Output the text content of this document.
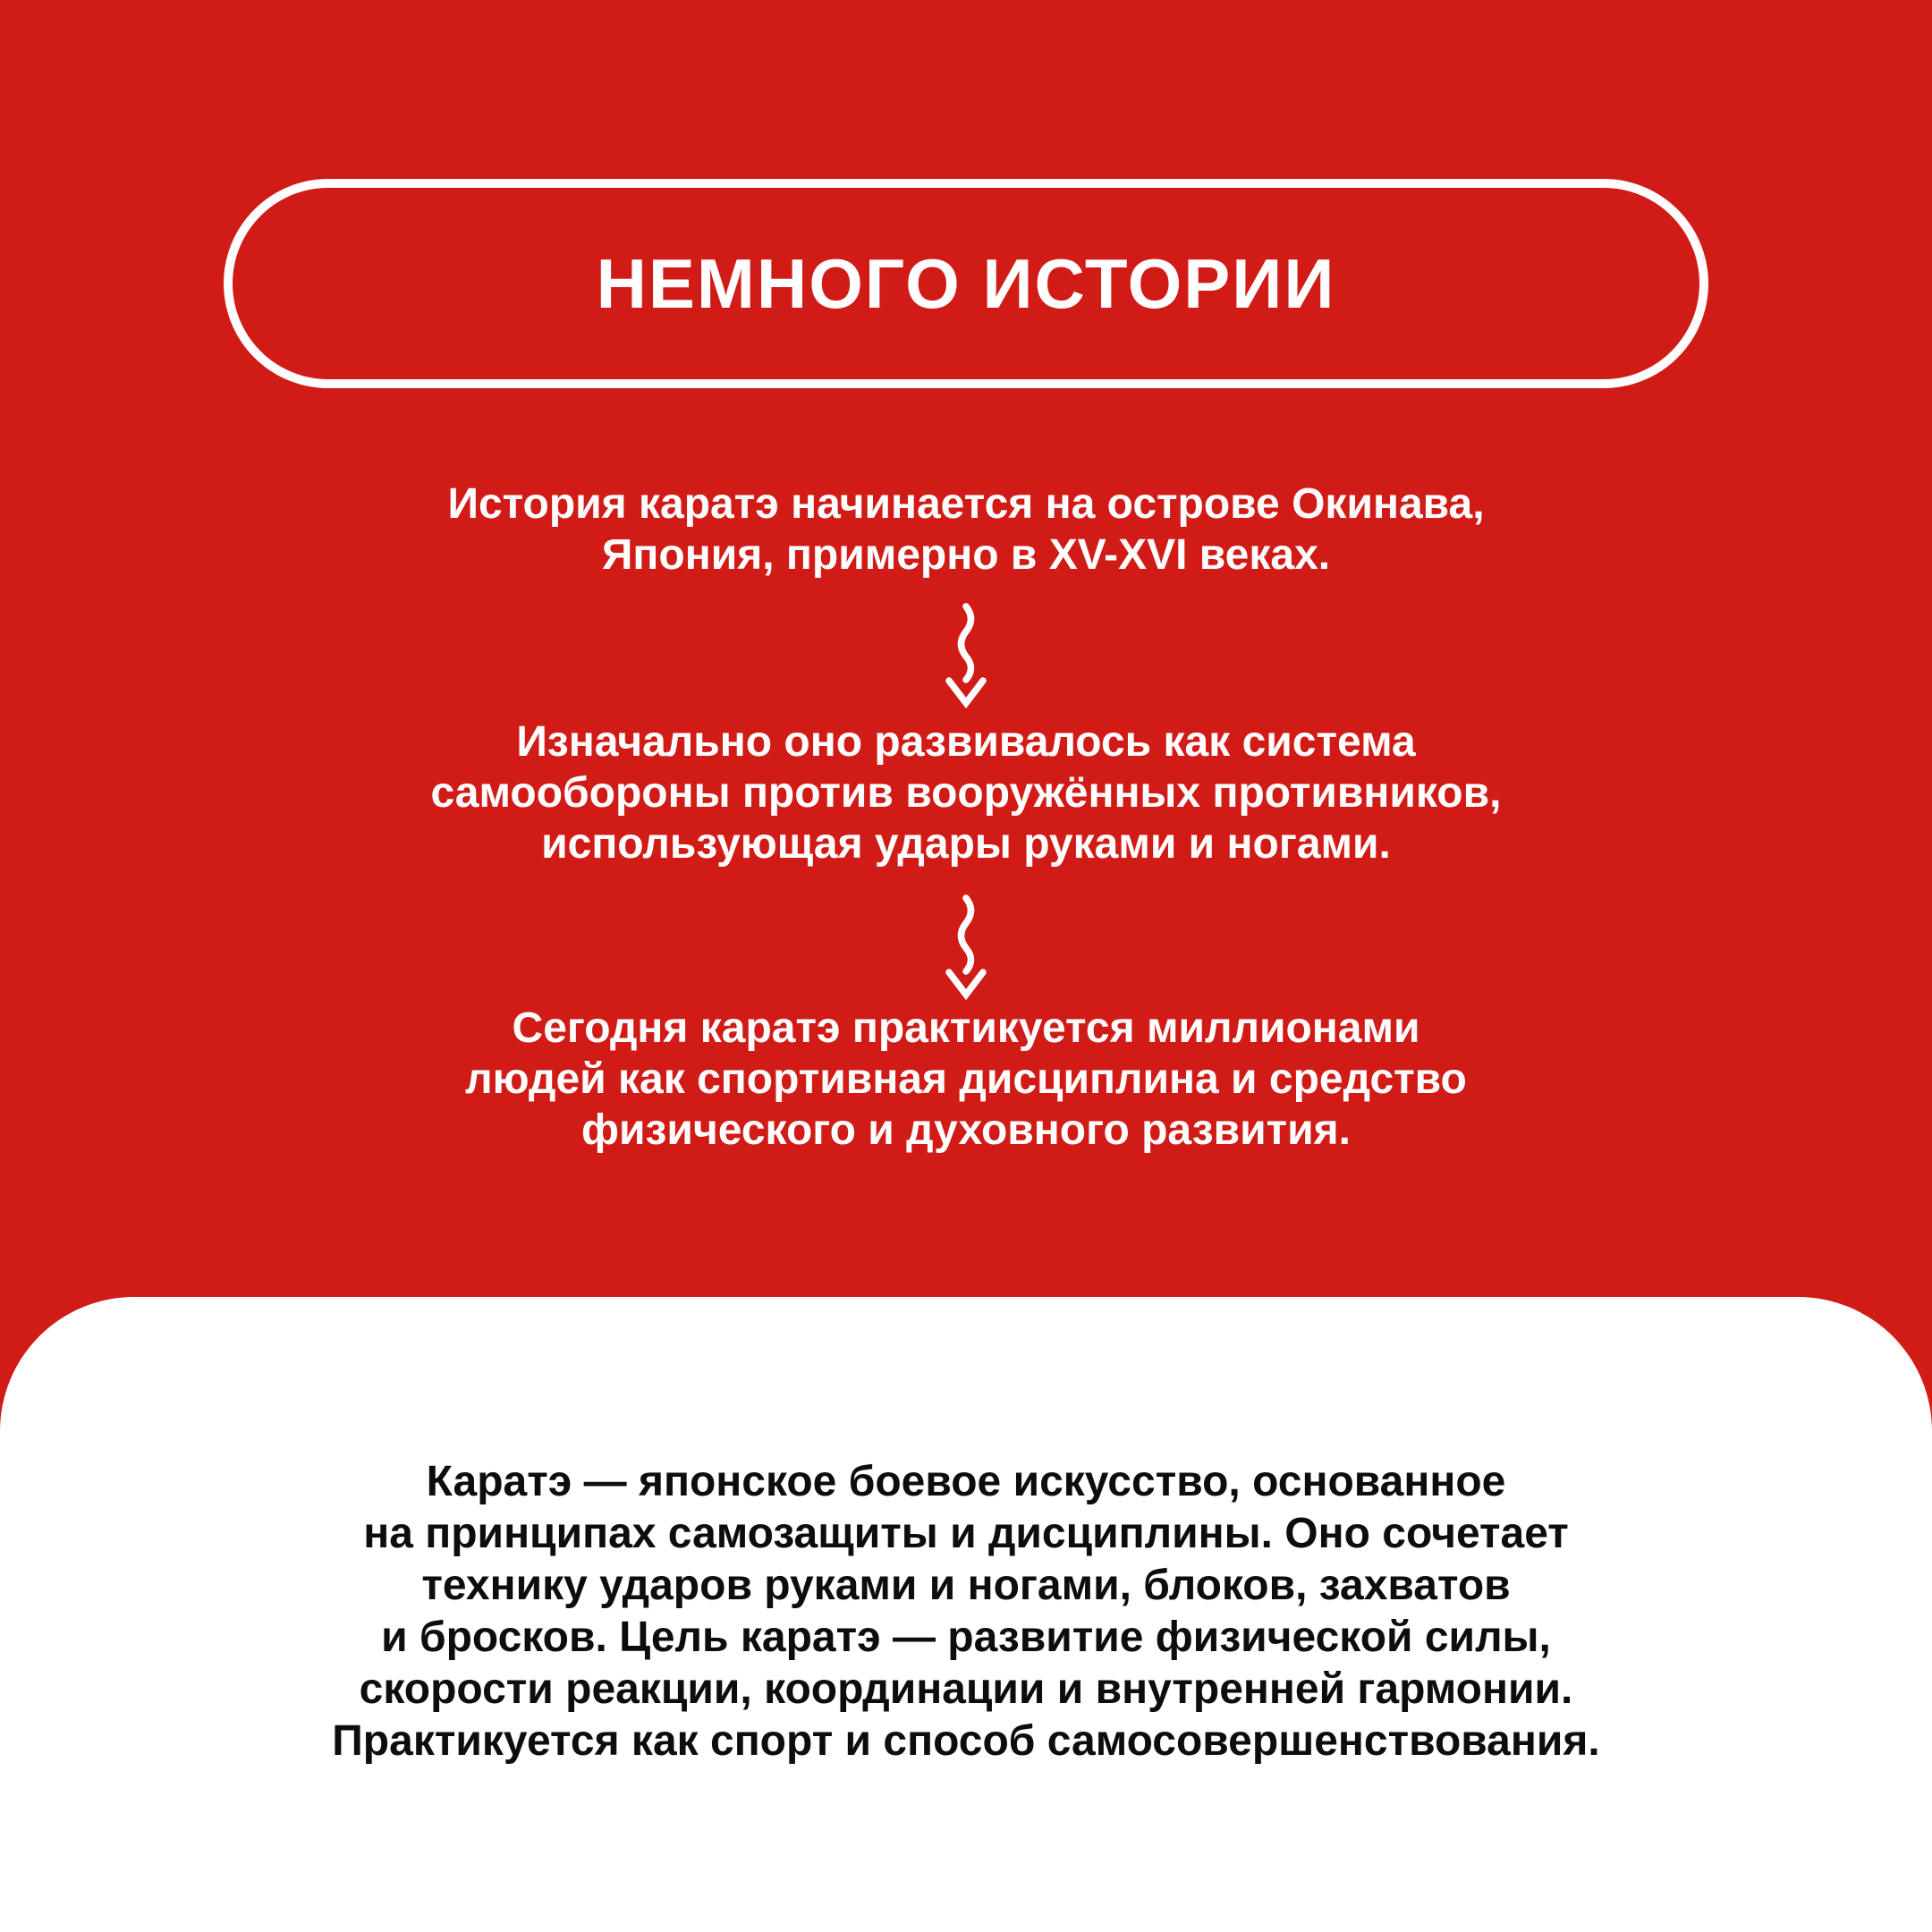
НЕМНОГО ИСТОРИИ
История каратэ начинается на острове Окинава,
Япония, примерно в XV-XVI веках.
Изначально оно развивалось как система
самообороны против вооружённых противников,
использующая удары руками и ногами.
Сегодня каратэ практикуется миллионами
людей как спортивная дисциплина и средство
физического и духовного развития.
Каратэ — японское боевое искусство, основанное
на принципах самозащиты и дисциплины. Оно сочетает
технику ударов руками и ногами, блоков, захватов
и бросков. Цель каратэ — развитие физической силы,
скорости реакции, координации и внутренней гармонии.
Практикуется как спорт и способ самосовершенствования.
